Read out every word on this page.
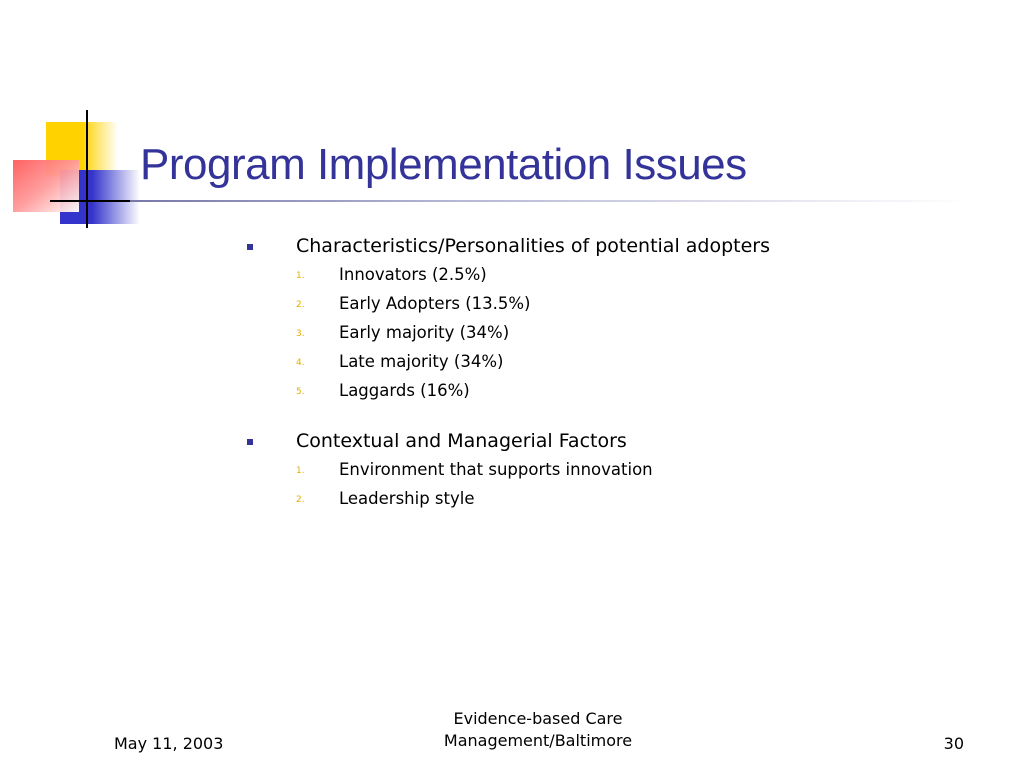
Program Implementation Issues
Characteristics/Personalities of potential adopters
1. Innovators (2.5%)
2. Early Adopters (13.5%)
3. Early majority (34%)
4. Late majority (34%)
5. Laggards (16%)
Contextual and Managerial Factors
1. Environment that supports innovation
2. Leadership style
May 11, 2003
Evidence-based Care
Management/Baltimore	30
